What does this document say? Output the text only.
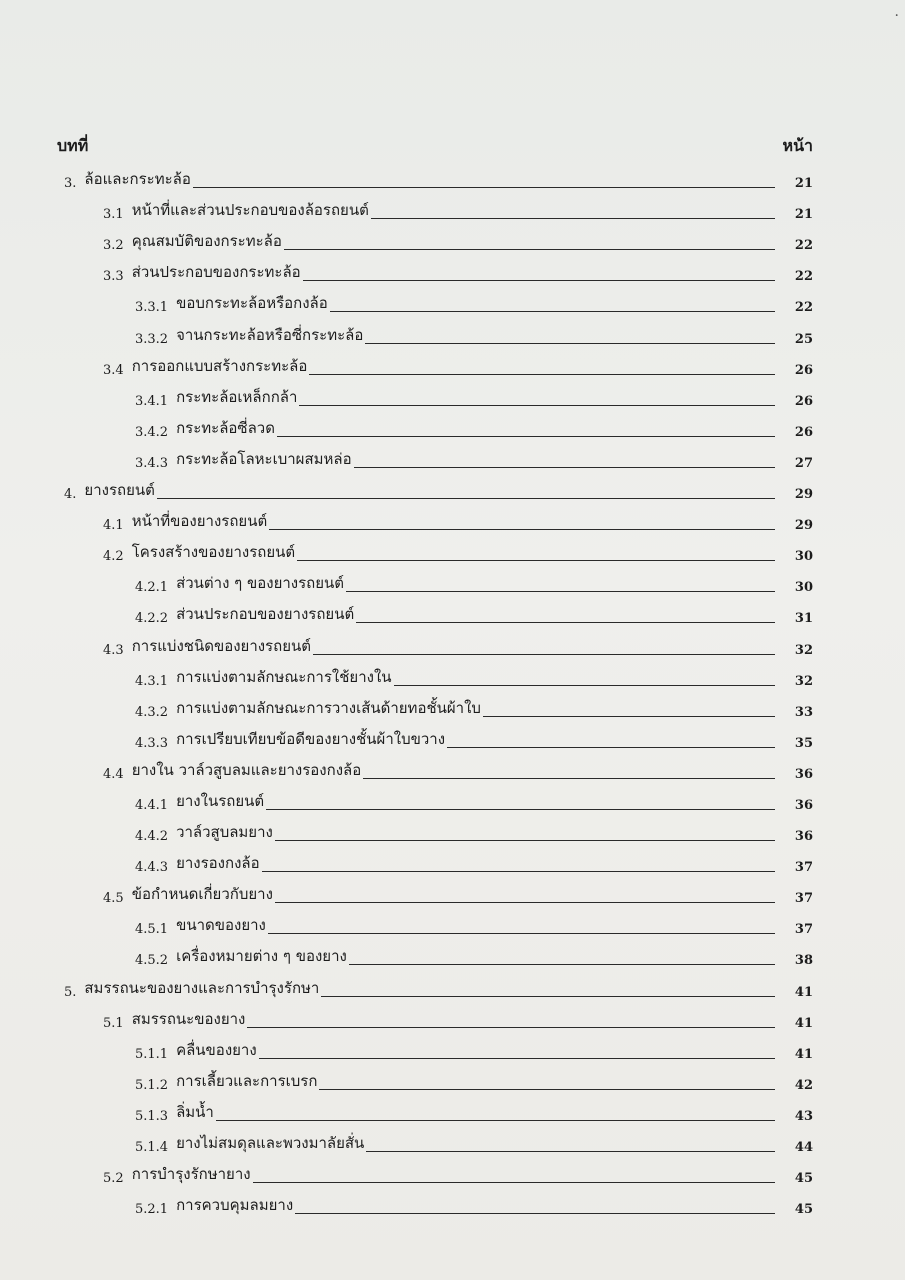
บทที่	หน้า
·
3. ล้อและกระทะล้อ	21
3.1 หน้าที่และส่วนประกอบของล้อรถยนต์	21
3.2 คุณสมบัติของกระทะล้อ	22
3.3 ส่วนประกอบของกระทะล้อ	22
3.3.1 ขอบกระทะล้อหรือกงล้อ	22
3.3.2 จานกระทะล้อหรือซี่กระทะล้อ	25
3.4 การออกแบบสร้างกระทะล้อ	26
3.4.1 กระทะล้อเหล็กกล้า	26
3.4.2 กระทะล้อซี่ลวด	26
3.4.3 กระทะล้อโลหะเบาผสมหล่อ	27
4. ยางรถยนต์	29
4.1 หน้าที่ของยางรถยนต์	29
4.2 โครงสร้างของยางรถยนต์	30
4.2.1 ส่วนต่าง ๆ ของยางรถยนต์	30
4.2.2 ส่วนประกอบของยางรถยนต์	31
4.3 การแบ่งชนิดของยางรถยนต์	32
4.3.1 การแบ่งตามลักษณะการใช้ยางใน	32
4.3.2 การแบ่งตามลักษณะการวางเส้นด้ายทอชั้นผ้าใบ	33
4.3.3 การเปรียบเทียบข้อดีของยางชั้นผ้าใบขวาง	35
4.4 ยางใน วาล์วสูบลมและยางรองกงล้อ	36
4.4.1 ยางในรถยนต์	36
4.4.2 วาล์วสูบลมยาง	36
4.4.3 ยางรองกงล้อ	37
4.5 ข้อกำหนดเกี่ยวกับยาง	37
4.5.1 ขนาดของยาง	37
4.5.2 เครื่องหมายต่าง ๆ ของยาง	38
5. สมรรถนะของยางและการบำรุงรักษา	41
5.1 สมรรถนะของยาง	41
5.1.1 คลื่นของยาง	41
5.1.2 การเลี้ยวและการเบรก	42
5.1.3 ลิ่มน้ำ	43
5.1.4 ยางไม่สมดุลและพวงมาลัยสั่น	44
5.2 การบำรุงรักษายาง	45
5.2.1 การควบคุมลมยาง	45
